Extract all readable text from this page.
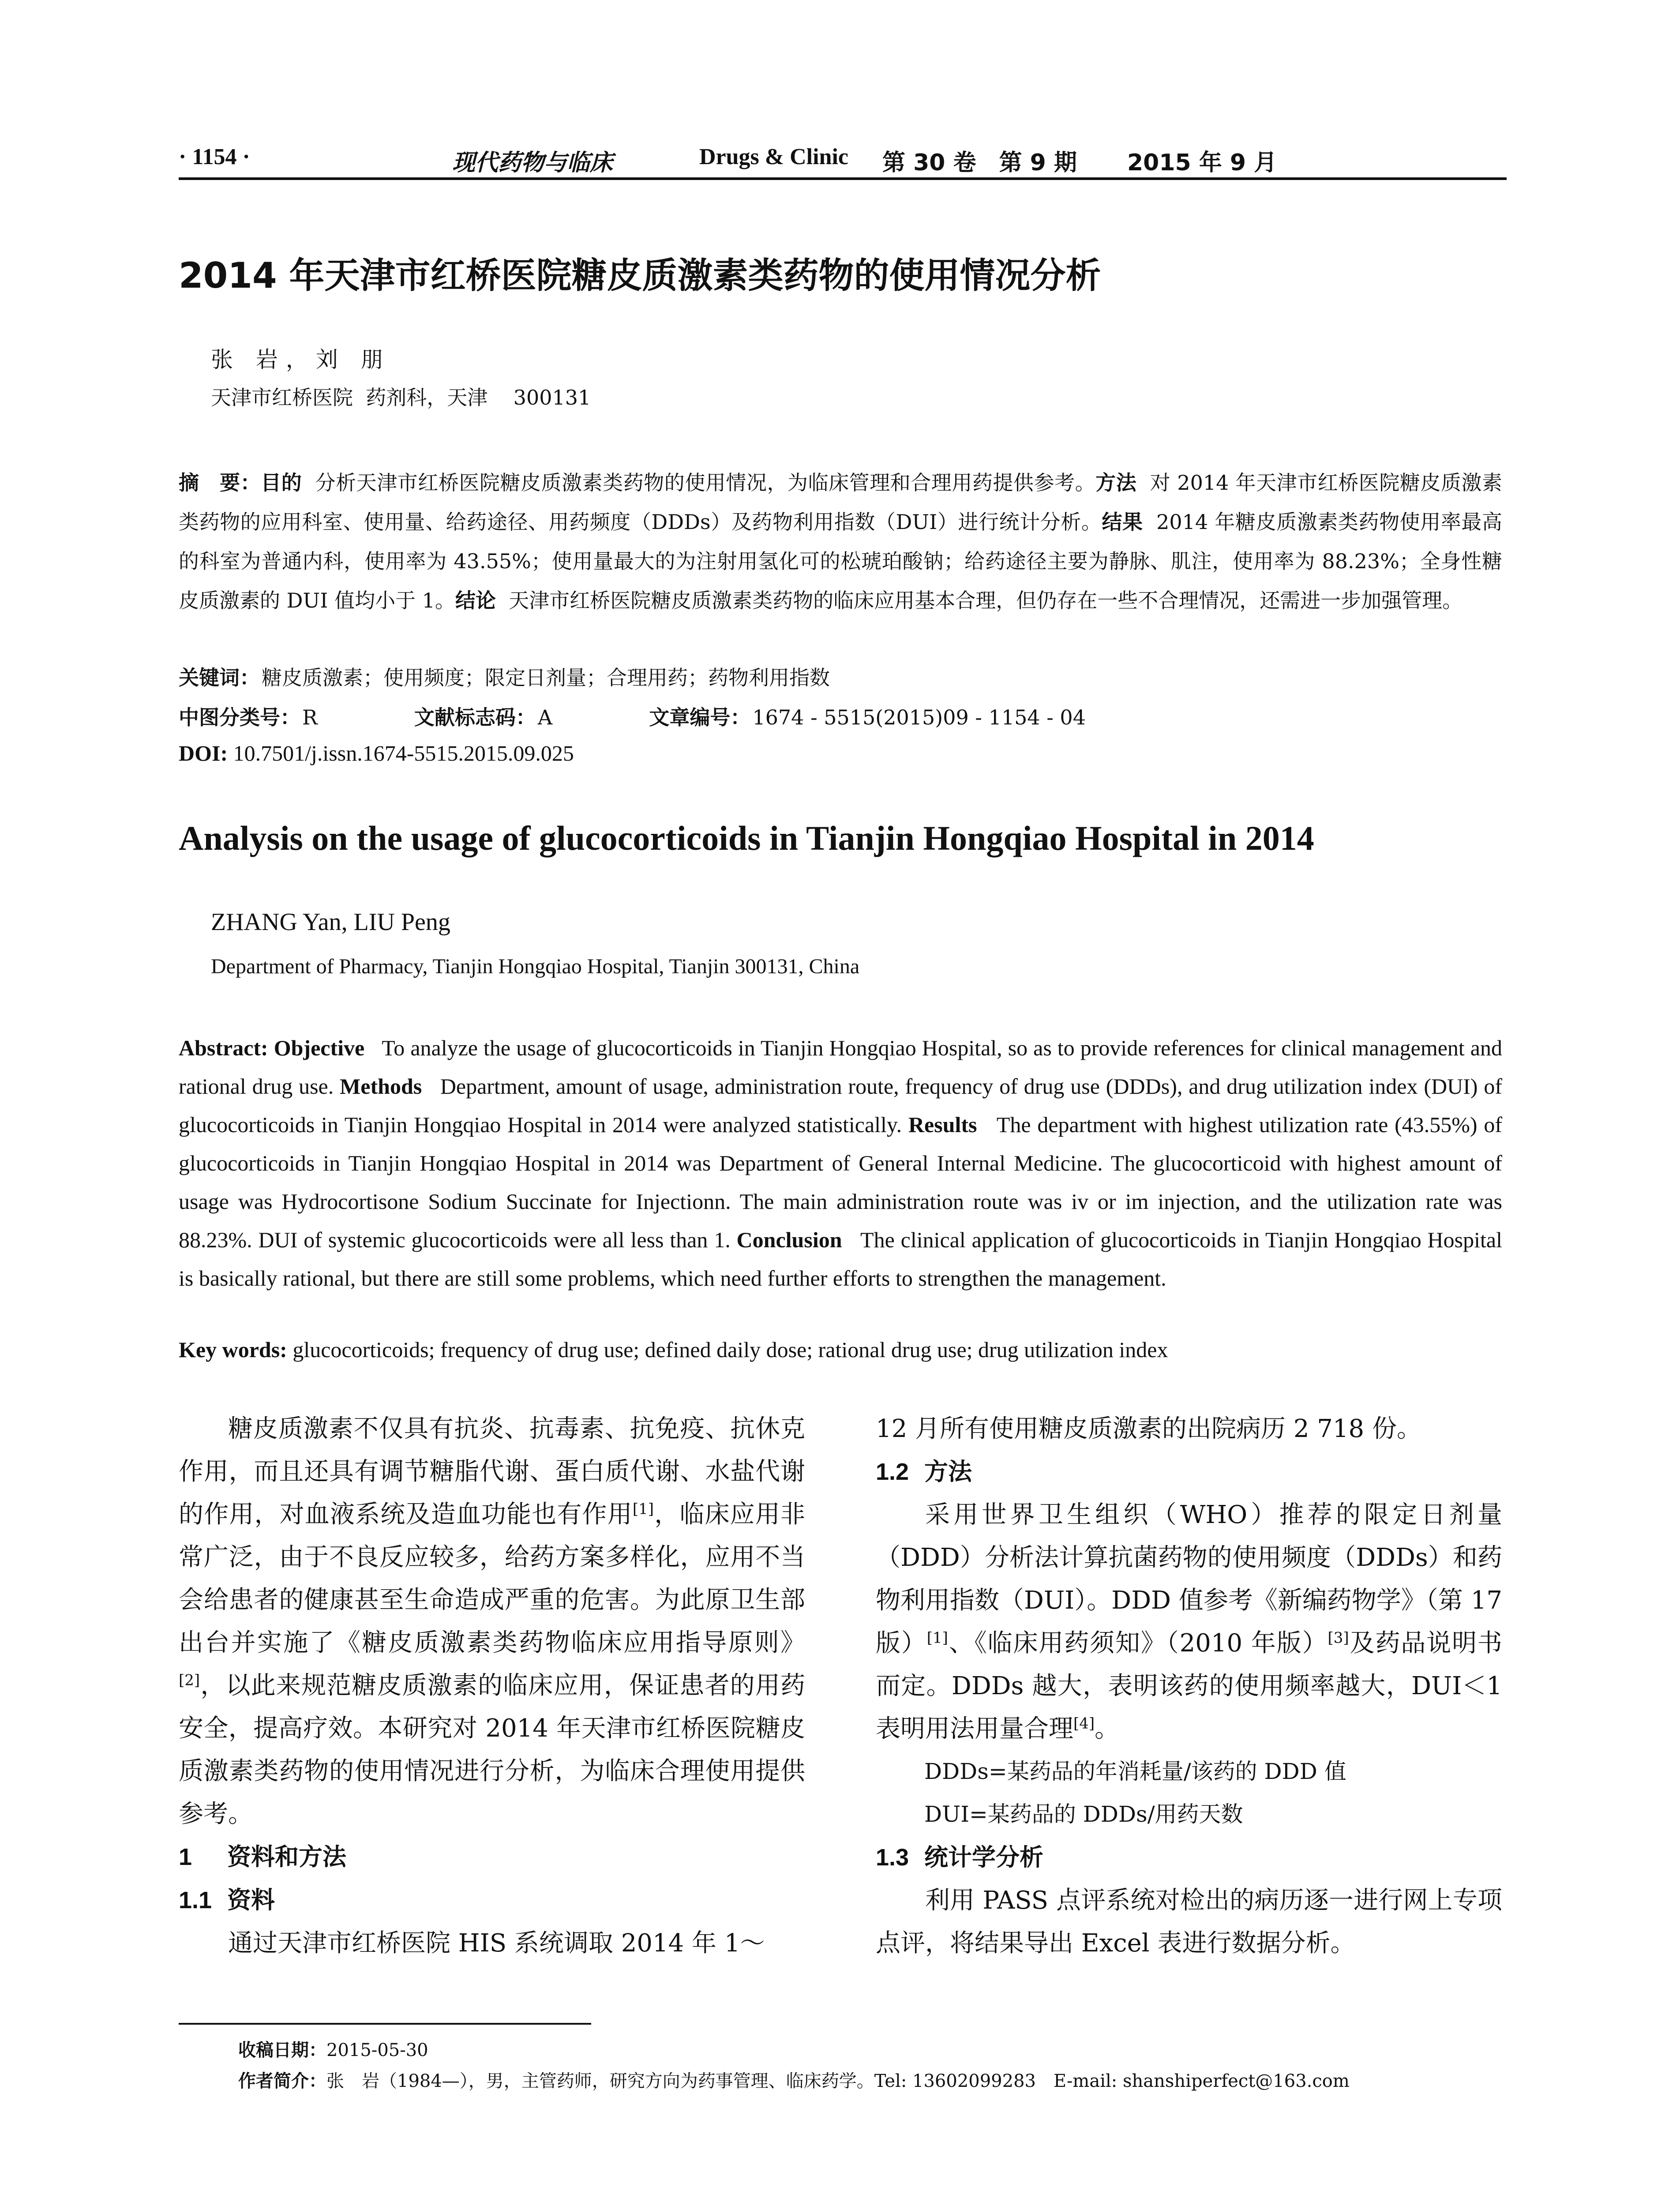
· 1154 ·	现代药物与临床	Drugs & Clinic 第 30 卷　第 9 期 2015 年 9 月
2014 年天津市红桥医院糖皮质激素类药物的使用情况分析
张 岩，刘 朋
天津市红桥医院  药剂科，天津    300131
摘　要：目的 分析天津市红桥医院糖皮质激素类药物的使用情况，为临床管理和合理用药提供参考。方法 对 2014 年天津市红桥医院糖皮质激素类药物的应用科室、使用量、给药途径、用药频度（DDDs）及药物利用指数（DUI）进行统计分析。结果 2014 年糖皮质激素类药物使用率最高的科室为普通内科，使用率为 43.55%；使用量最大的为注射用氢化可的松琥珀酸钠；给药途径主要为静脉、肌注，使用率为 88.23%；全身性糖皮质激素的 DUI 值均小于 1。结论 天津市红桥医院糖皮质激素类药物的临床应用基本合理，但仍存在一些不合理情况，还需进一步加强管理。
关键词：糖皮质激素；使用频度；限定日剂量；合理用药；药物利用指数
中图分类号：R	文献标志码：A	文章编号：1674 - 5515(2015)09 - 1154 - 04
DOI: 10.7501/j.issn.1674-5515.2015.09.025
Analysis on the usage of glucocorticoids in Tianjin Hongqiao Hospital in 2014
ZHANG Yan, LIU Peng
Department of Pharmacy, Tianjin Hongqiao Hospital, Tianjin 300131, China
Abstract: Objective To analyze the usage of glucocorticoids in Tianjin Hongqiao Hospital, so as to provide references for clinical management and rational drug use. Methods Department, amount of usage, administration route, frequency of drug use (DDDs), and drug utilization index (DUI) of glucocorticoids in Tianjin Hongqiao Hospital in 2014 were analyzed statistically. Results The department with highest utilization rate (43.55%) of glucocorticoids in Tianjin Hongqiao Hospital in 2014 was Department of General Internal Medicine. The glucocorticoid with highest amount of usage was Hydrocortisone Sodium Succinate for Injectionn. The main administration route was iv or im injection, and the utilization rate was 88.23%. DUI of systemic glucocorticoids were all less than 1. Conclusion The clinical application of glucocorticoids in Tianjin Hongqiao Hospital is basically rational, but there are still some problems, which need further efforts to strengthen the management.
Key words: glucocorticoids; frequency of drug use; defined daily dose; rational drug use; drug utilization index

糖皮质激素不仅具有抗炎、抗毒素、抗免疫、抗休克作用，而且还具有调节糖脂代谢、蛋白质代谢、水盐代谢的作用，对血液系统及造血功能也有作用[1]，临床应用非常广泛，由于不良反应较多，给药方案多样化，应用不当会给患者的健康甚至生命造成严重的危害。为此原卫生部出台并实施了《糖皮质激素类药物临床应用指导原则》[2]，以此来规范糖皮质激素的临床应用，保证患者的用药安全，提高疗效。本研究对 2014 年天津市红桥医院糖皮质激素类药物的使用情况进行分析，为临床合理使用提供参考。

1 资料和方法
1.1 资料

通过天津市红桥医院 HIS 系统调取 2014 年 1～

12 月所有使用糖皮质激素的出院病历 2 718 份。

1.2 方法

采用世界卫生组织（WHO）推荐的限定日剂量（DDD）分析法计算抗菌药物的使用频度（DDDs）和药物利用指数（DUI）。DDD 值参考《新编药物学》（第 17 版）[1]、《临床用药须知》（2010 年版）[3]及药品说明书而定。DDDs 越大，表明该药的使用频率越大，DUI＜1 表明用法用量合理[4]。

DDDs=某药品的年消耗量/该药的 DDD 值
DUI=某药品的 DDDs/用药天数
1.3 统计学分析

利用 PASS 点评系统对检出的病历逐一进行网上专项点评，将结果导出 Excel 表进行数据分析。

收稿日期：2015-05-30
作者简介：张　岩（1984—），男，主管药师，研究方向为药事管理、临床药学。Tel: 13602099283　E-mail: shanshiperfect@163.com
